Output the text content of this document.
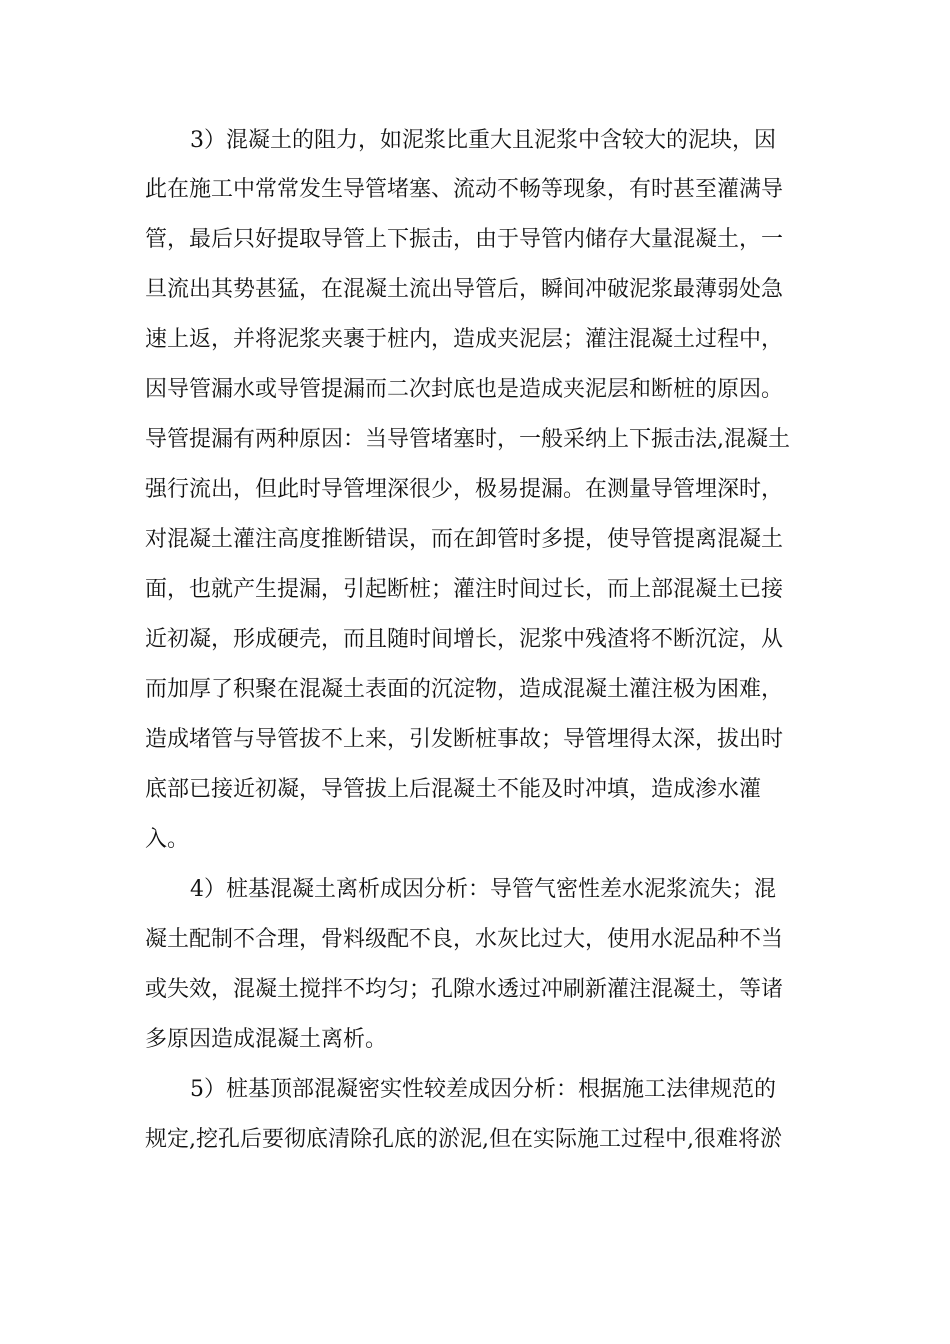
3）混凝土的阻力，如泥浆比重大且泥浆中含较大的泥块，因
此在施工中常常发生导管堵塞、流动不畅等现象，有时甚至灌满导
管，最后只好提取导管上下振击，由于导管内储存大量混凝土，一
旦流出其势甚猛，在混凝土流出导管后，瞬间冲破泥浆最薄弱处急
速上返，并将泥浆夹裹于桩内，造成夹泥层；灌注混凝土过程中，
因导管漏水或导管提漏而二次封底也是造成夹泥层和断桩的原因。
导管提漏有两种原因：当导管堵塞时，一般采纳上下振击法,混凝土
强行流出，但此时导管埋深很少，极易提漏。在测量导管埋深时，
对混凝土灌注高度推断错误，而在卸管时多提，使导管提离混凝土
面，也就产生提漏，引起断桩；灌注时间过长，而上部混凝土已接
近初凝，形成硬壳，而且随时间增长，泥浆中残渣将不断沉淀，从
而加厚了积聚在混凝土表面的沉淀物，造成混凝土灌注极为困难，
造成堵管与导管拔不上来，引发断桩事故；导管埋得太深，拔出时
底部已接近初凝，导管拔上后混凝土不能及时冲填，造成渗水灌
入。
4）桩基混凝土离析成因分析：导管气密性差水泥浆流失；混
凝土配制不合理，骨料级配不良，水灰比过大，使用水泥品种不当
或失效，混凝土搅拌不均匀；孔隙水透过冲刷新灌注混凝土，等诸
多原因造成混凝土离析。
5）桩基顶部混凝密实性较差成因分析：根据施工法律规范的
规定,挖孔后要彻底清除孔底的淤泥,但在实际施工过程中,很难将淤
